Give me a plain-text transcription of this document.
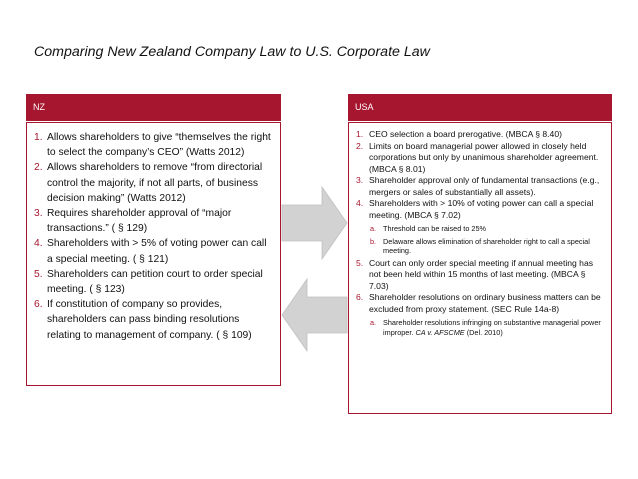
Comparing New Zealand Company Law to U.S. Corporate Law
NZ	USA
1. Allows shareholders to give “themselves the right to select the company’s CEO” (Watts 2012)
2. Allows shareholders to remove “from directorial control the majority, if not all parts, of business decision making” (Watts 2012)
3. Requires shareholder approval of “major transactions.” ( § 129)
4. Shareholders with > 5% of voting power can call a special meeting. ( § 121)
5. Shareholders can petition court to order special meeting. ( § 123)
6. If constitution of company so provides, shareholders can pass binding resolutions relating to management of company. ( § 109)
1. CEO selection a board prerogative. (MBCA § 8.40)
2. Limits on board managerial power allowed in closely held corporations but only by unanimous shareholder agreement. (MBCA § 8.01)
3. Shareholder approval only of fundamental transactions (e.g., mergers or sales of substantially all assets).
4. Shareholders with > 10% of voting power can call a special meeting. (MBCA § 7.02)
a. Threshold can be raised to 25%
b. Delaware allows elimination of shareholder right to call a special meeting.
5. Court can only order special meeting if annual meeting has not been held within 15 months of last meeting. (MBCA § 7.03)
6. Shareholder resolutions on ordinary business matters can be excluded from proxy statement. (SEC Rule 14a-8)
a. Shareholder resolutions infringing on substantive managerial power improper. CA v. AFSCME (Del. 2010)
